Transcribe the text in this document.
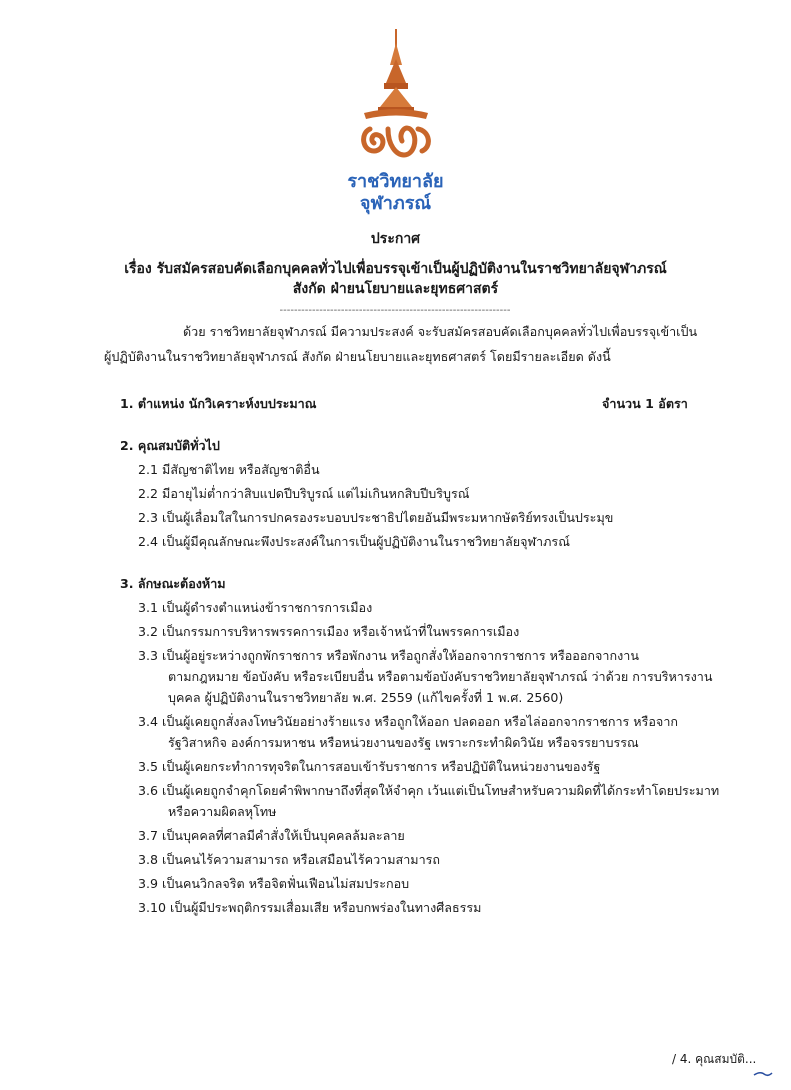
ราชวิทยาลัย
จุฬาภรณ์
ประกาศ
เรื่อง รับสมัครสอบคัดเลือกบุคคลทั่วไปเพื่อบรรจุเข้าเป็นผู้ปฏิบัติงานในราชวิทยาลัยจุฬาภรณ์
สังกัด ฝ่ายนโยบายและยุทธศาสตร์
----------------------------------------------------------------
ด้วย ราชวิทยาลัยจุฬาภรณ์ มีความประสงค์ จะรับสมัครสอบคัดเลือกบุคคลทั่วไปเพื่อบรรจุเข้าเป็น
ผู้ปฏิบัติงานในราชวิทยาลัยจุฬาภรณ์ สังกัด ฝ่ายนโยบายและยุทธศาสตร์ โดยมีรายละเอียด ดังนี้
1. ตำแหน่ง นักวิเคราะห์งบประมาณ	จำนวน 1 อัตรา
2. คุณสมบัติทั่วไป
2.1 มีสัญชาติไทย หรือสัญชาติอื่น
2.2 มีอายุไม่ต่ำกว่าสิบแปดปีบริบูรณ์ แต่ไม่เกินหกสิบปีบริบูรณ์
2.3 เป็นผู้เลื่อมใสในการปกครองระบอบประชาธิปไตยอันมีพระมหากษัตริย์ทรงเป็นประมุข
2.4 เป็นผู้มีคุณลักษณะพึงประสงค์ในการเป็นผู้ปฏิบัติงานในราชวิทยาลัยจุฬาภรณ์
3. ลักษณะต้องห้าม
3.1 เป็นผู้ดำรงตำแหน่งข้าราชการการเมือง
3.2 เป็นกรรมการบริหารพรรคการเมือง หรือเจ้าหน้าที่ในพรรคการเมือง
3.3 เป็นผู้อยู่ระหว่างถูกพักราชการ หรือพักงาน หรือถูกสั่งให้ออกจากราชการ หรือออกจากงาน
ตามกฎหมาย ข้อบังคับ หรือระเบียบอื่น หรือตามข้อบังคับราชวิทยาลัยจุฬาภรณ์ ว่าด้วย การบริหารงาน
บุคคล ผู้ปฏิบัติงานในราชวิทยาลัย พ.ศ. 2559 (แก้ไขครั้งที่ 1 พ.ศ. 2560)
3.4 เป็นผู้เคยถูกสั่งลงโทษวินัยอย่างร้ายแรง หรือถูกให้ออก ปลดออก หรือไล่ออกจากราชการ หรือจาก
รัฐวิสาหกิจ องค์การมหาชน หรือหน่วยงานของรัฐ เพราะกระทำผิดวินัย หรือจรรยาบรรณ
3.5 เป็นผู้เคยกระทำการทุจริตในการสอบเข้ารับราชการ หรือปฏิบัติในหน่วยงานของรัฐ
3.6 เป็นผู้เคยถูกจำคุกโดยคำพิพากษาถึงที่สุดให้จำคุก เว้นแต่เป็นโทษสำหรับความผิดที่ได้กระทำโดยประมาท
หรือความผิดลหุโทษ
3.7 เป็นบุคคลที่ศาลมีคำสั่งให้เป็นบุคคลล้มละลาย
3.8 เป็นคนไร้ความสามารถ หรือเสมือนไร้ความสามารถ
3.9 เป็นคนวิกลจริต หรือจิตฟั่นเฟือนไม่สมประกอบ
3.10 เป็นผู้มีประพฤติกรรมเสื่อมเสีย หรือบกพร่องในทางศีลธรรม
/ 4. คุณสมบัติ...
